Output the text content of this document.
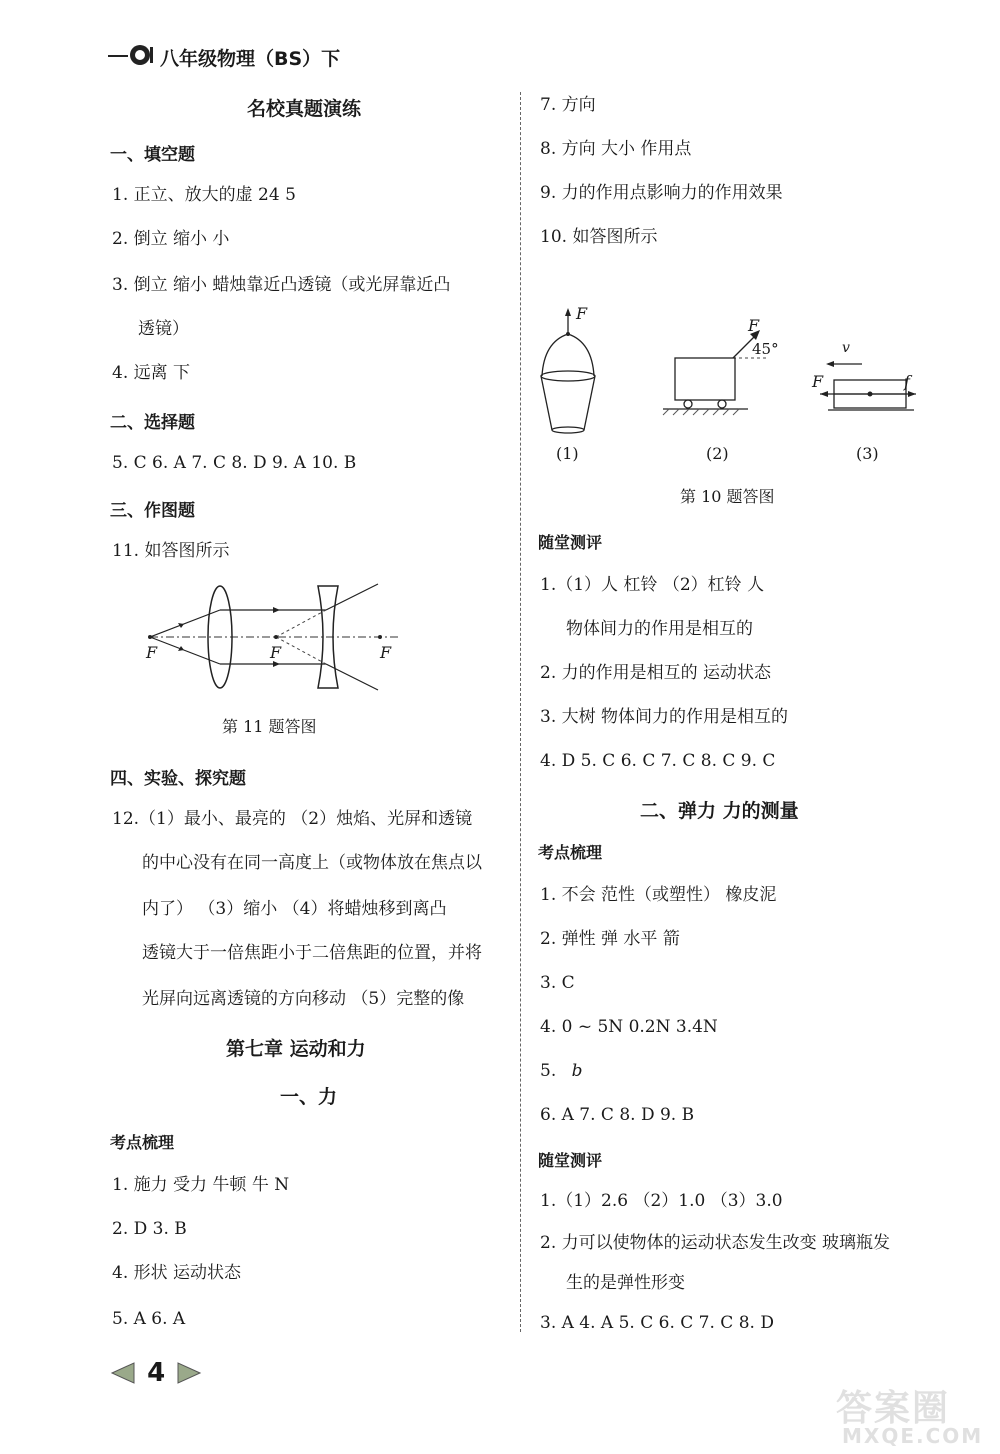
八年级物理（BS）下
名校真题演练
一、填空题
1. 正立、放大的虚 24 5
2. 倒立 缩小 小
3. 倒立 缩小 蜡烛靠近凸透镜（或光屏靠近凸
透镜）
4. 远离 下
二、选择题
5. C 6. A 7. C 8. D 9. A 10. B
三、作图题
11. 如答图所示
F	F	F
第 11 题答图
四、实验、探究题
12.（1）最小、最亮的 （2）烛焰、光屏和透镜
的中心没有在同一高度上（或物体放在焦点以
内了） （3）缩小 （4）将蜡烛移到离凸
透镜大于一倍焦距小于二倍焦距的位置，并将
光屏向远离透镜的方向移动 （5）完整的像
第七章 运动和力
一、力
考点梳理
1. 施力 受力 牛顿 牛 N
2. D 3. B
4. 形状 运动状态
5. A 6. A
7. 方向
8. 方向 大小 作用点
9. 力的作用点影响力的作用效果
10. 如答图所示
F
F
45°	v
F	f
(1)	(2)	(3)
第 10 题答图
随堂测评
1.（1）人 杠铃 （2）杠铃 人
物体间力的作用是相互的
2. 力的作用是相互的 运动状态
3. 大树 物体间力的作用是相互的
4. D 5. C 6. C 7. C 8. C 9. C
二、弹力 力的测量
考点梳理
1. 不会 范性（或塑性） 橡皮泥
2. 弹性 弹 水平 箭
3. C
4. 0 ~ 5N 0.2N 3.4N
5. b
6. A 7. C 8. D 9. B
随堂测评
1.（1）2.6 （2）1.0 （3）3.0
2. 力可以使物体的运动状态发生改变 玻璃瓶发
生的是弹性形变
3. A 4. A 5. C 6. C 7. C 8. D
4
答案圈
MXQE.COM
